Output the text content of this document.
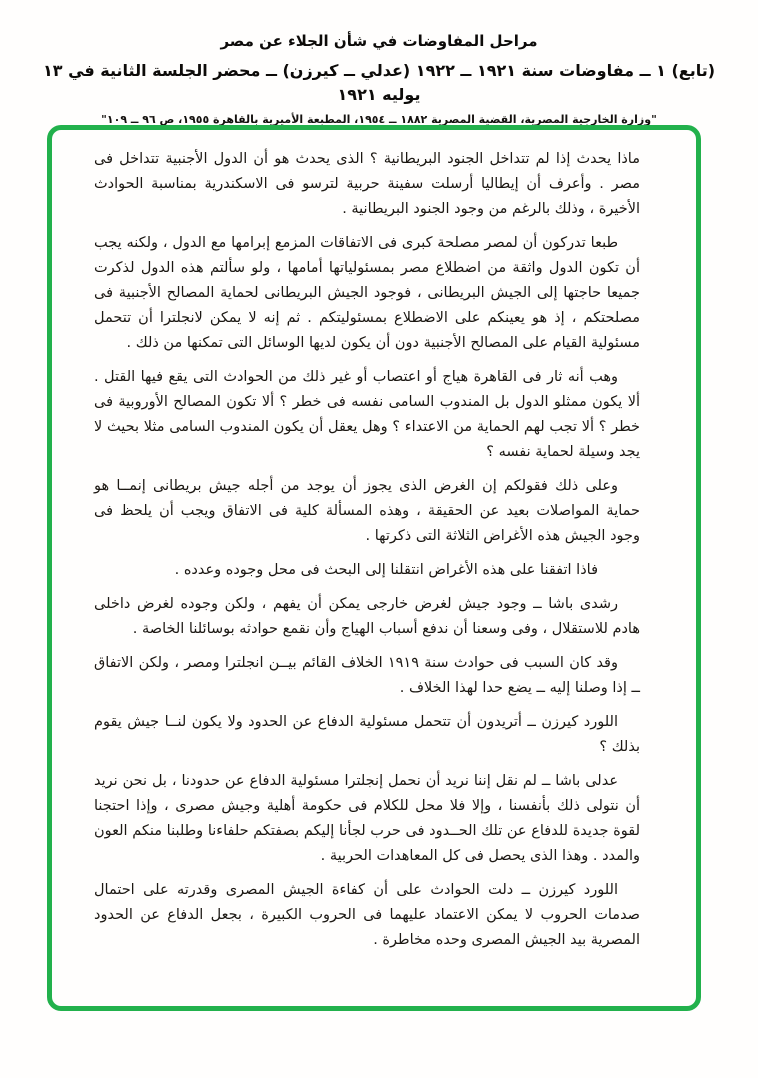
مراحل المفاوضات في شأن الجلاء عن مصر
(تابع) ١ ــ مفاوضات سنة ١٩٢١ ــ ١٩٢٢ (عدلي ــ كيرزن) ــ محضر الجلسة الثانية في ١٣ يوليه ١٩٢١
"وزارة الخارجية المصرية، القضية المصرية ١٨٨٢ ــ ١٩٥٤، المطبعة الأميرية بالقاهرة ١٩٥٥، ص ٩٦ ــ ١٠٩"

ماذا يحدث إذا لم تتداخل الجنود البريطانية ؟ الذى يحدث هو أن الدول الأجنبية تتداخل فى مصر . وأعرف أن إيطاليا أرسلت سفينة حربية لترسو فى الاسكندرية بمناسبة الحوادث الأخيرة ، وذلك بالرغم من وجود الجنود البريطانية .

طبعا تدركون أن لمصر مصلحة كبرى فى الاتفاقات المزمع إبرامها مع الدول ، ولكنه يجب أن تكون الدول واثقة من اضطلاع مصر بمسئولياتها أمامها ، ولو سألتم هذه الدول لذكرت جميعا حاجتها إلى الجيش البريطانى ، فوجود الجيش البريطانى لحماية المصالح الأجنبية فى مصلحتكم ، إذ هو يعينكم على الاضطلاع بمسئوليتكم . ثم إنه لا يمكن لانجلترا أن تتحمل مسئولية القيام على المصالح الأجنبية دون أن يكون لديها الوسائل التى تمكنها من ذلك .

وهب أنه ثار فى القاهرة هياج أو اعتصاب أو غير ذلك من الحوادث التى يقع فيها القتل . ألا يكون ممثلو الدول بل المندوب السامى نفسه فى خطر ؟ ألا تكون المصالح الأوروبية فى خطر ؟ ألا تجب لهم الحماية من الاعتداء ؟ وهل يعقل أن يكون المندوب السامى مثلا بحيث لا يجد وسيلة لحماية نفسه ؟

وعلى ذلك فقولكم إن الغرض الذى يجوز أن يوجد من أجله جيش بريطانى إنمــا هو حماية المواصلات بعيد عن الحقيقة ، وهذه المسألة كلية فى الاتفاق ويجب أن يلحظ فى وجود الجيش هذه الأغراض الثلاثة التى ذكرتها .

فاذا اتفقنا على هذه الأغراض انتقلنا إلى البحث فى محل وجوده وعدده .

رشدى باشا ــ وجود جيش لغرض خارجى يمكن أن يفهم ، ولكن وجوده لغرض داخلى هادم للاستقلال ، وفى وسعنا أن ندفع أسباب الهياج وأن نقمع حوادثه بوسائلنا الخاصة .

وقد كان السبب فى حوادث سنة ١٩١٩ الخلاف القائم بيــن انجلترا ومصر ، ولكن الاتفاق ــ إذا وصلنا إليه ــ يضع حدا لهذا الخلاف .

اللورد كيرزن ــ أتريدون أن تتحمل مسئولية الدفاع عن الحدود ولا يكون لنــا جيش يقوم بذلك ؟

عدلى باشا ــ لم نقل إننا نريد أن نحمل إنجلترا مسئولية الدفاع عن حدودنا ، بل نحن نريد أن نتولى ذلك بأنفسنا ، وإلا فلا محل للكلام فى حكومة أهلية وجيش مصرى ، وإذا احتجنا لقوة جديدة للدفاع عن تلك الحــدود فى حرب لجأنا إليكم بصفتكم حلفاءنا وطلبنا منكم العون والمدد . وهذا الذى يحصل فى كل المعاهدات الحربية .

اللورد كيرزن ــ دلت الحوادث على أن كفاءة الجيش المصرى وقدرته على احتمال صدمات الحروب لا يمكن الاعتماد عليهما فى الحروب الكبيرة ، بجعل الدفاع عن الحدود المصرية بيد الجيش المصرى وحده مخاطرة .
